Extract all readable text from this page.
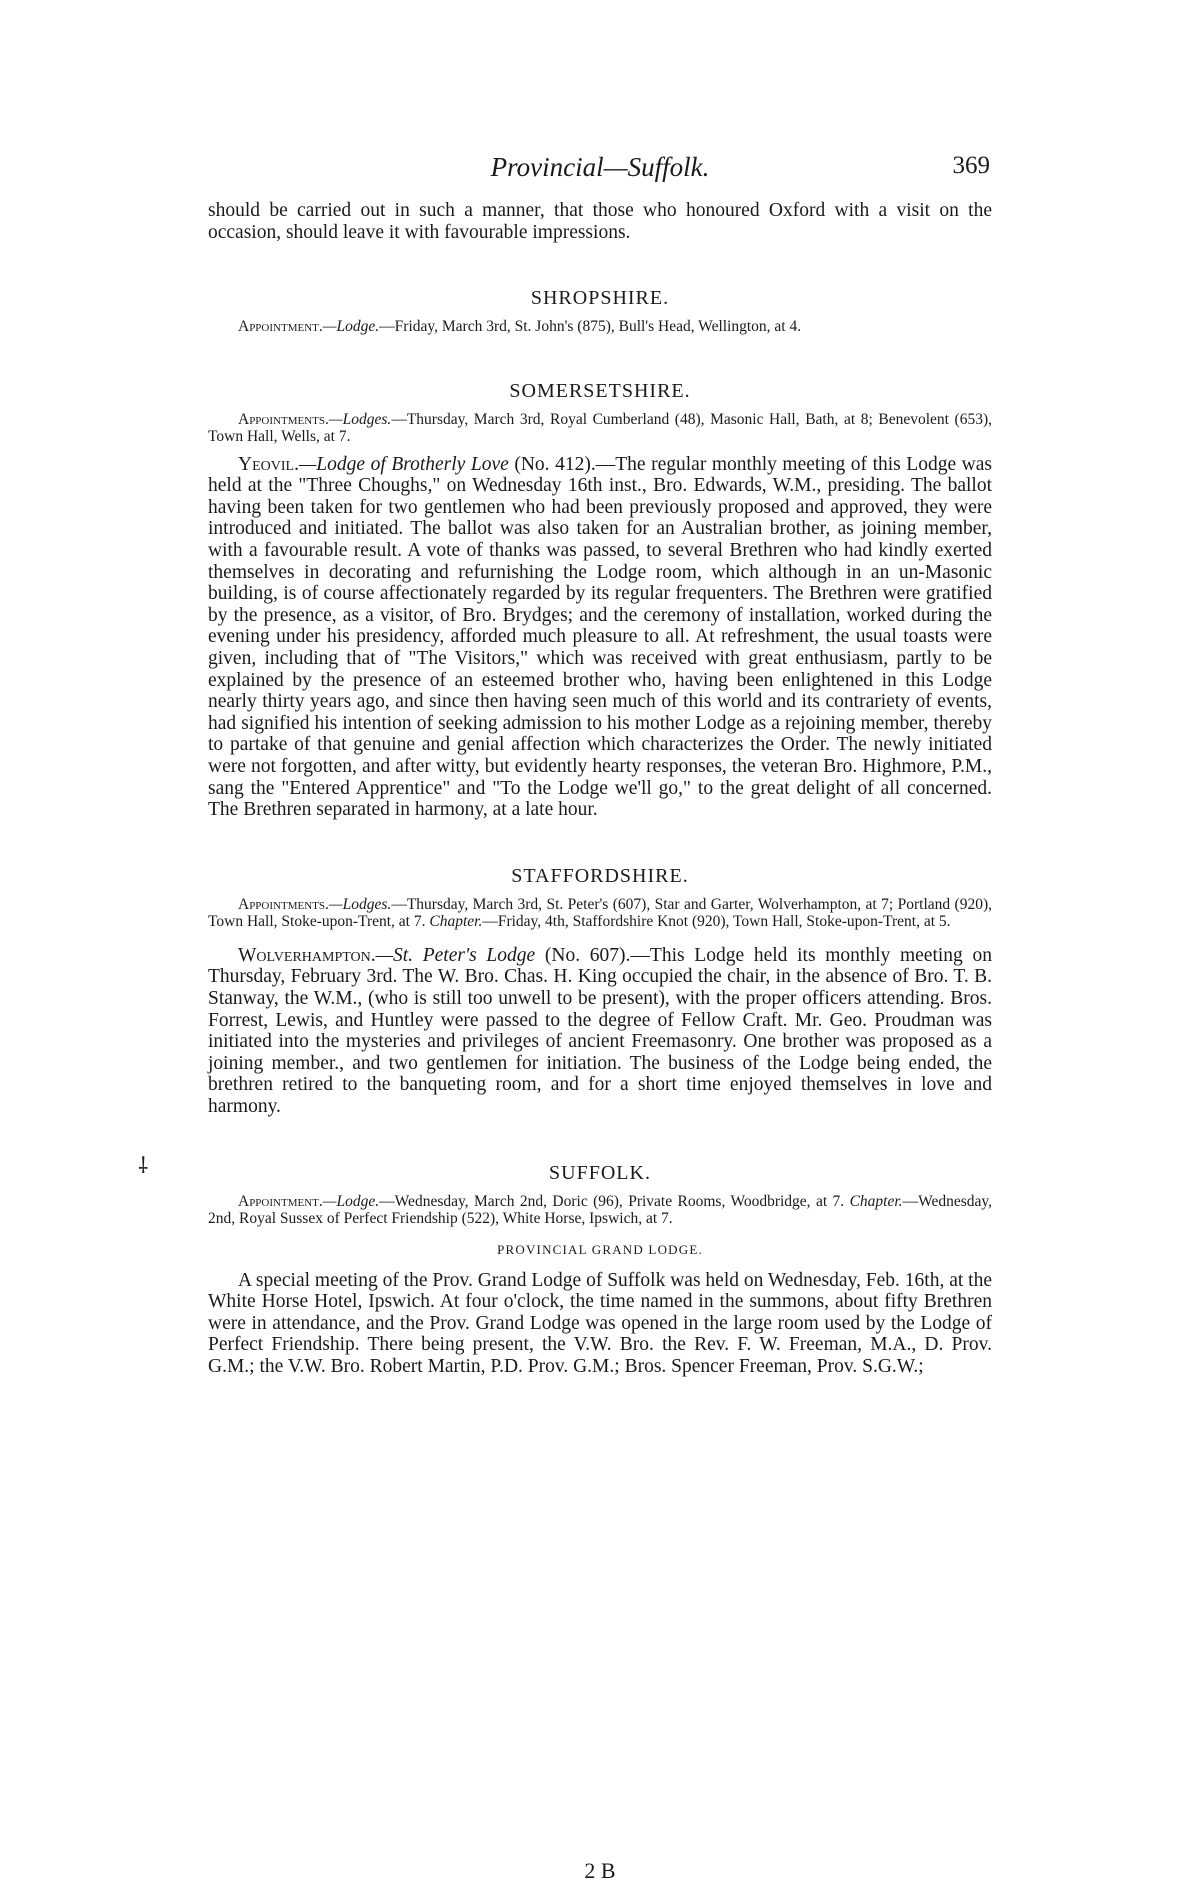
Provincial—Suffolk.	369
⸸

should be carried out in such a manner, that those who honoured Oxford with a visit on the occasion, should leave it with favourable impressions.

SHROPSHIRE.

Appointment.—Lodge.—Friday, March 3rd, St. John's (875), Bull's Head, Wellington, at 4.

SOMERSETSHIRE.

Appointments.—Lodges.—Thursday, March 3rd, Royal Cumberland (48), Masonic Hall, Bath, at 8; Benevolent (653), Town Hall, Wells, at 7.

Yeovil.—Lodge of Brotherly Love (No. 412).—The regular monthly meeting of this Lodge was held at the "Three Choughs," on Wednesday 16th inst., Bro. Edwards, W.M., presiding. The ballot having been taken for two gentlemen who had been previously proposed and approved, they were introduced and initiated. The ballot was also taken for an Australian brother, as joining member, with a favourable result. A vote of thanks was passed, to several Brethren who had kindly exerted themselves in decorating and refurnishing the Lodge room, which although in an un-Masonic building, is of course affectionately regarded by its regular frequenters. The Brethren were gratified by the presence, as a visitor, of Bro. Brydges; and the ceremony of installation, worked during the evening under his presidency, afforded much pleasure to all. At refreshment, the usual toasts were given, including that of "The Visitors," which was received with great enthusiasm, partly to be explained by the presence of an esteemed brother who, having been enlightened in this Lodge nearly thirty years ago, and since then having seen much of this world and its contrariety of events, had signified his intention of seeking admission to his mother Lodge as a rejoining member, thereby to partake of that genuine and genial affection which characterizes the Order. The newly initiated were not forgotten, and after witty, but evidently hearty responses, the veteran Bro. Highmore, P.M., sang the "Entered Apprentice" and "To the Lodge we'll go," to the great delight of all concerned. The Brethren separated in harmony, at a late hour.

STAFFORDSHIRE.

Appointments.—Lodges.—Thursday, March 3rd, St. Peter's (607), Star and Garter, Wolverhampton, at 7; Portland (920), Town Hall, Stoke-upon-Trent, at 7. Chapter.—Friday, 4th, Staffordshire Knot (920), Town Hall, Stoke-upon-Trent, at 5.

Wolverhampton.—St. Peter's Lodge (No. 607).—This Lodge held its monthly meeting on Thursday, February 3rd. The W. Bro. Chas. H. King occupied the chair, in the absence of Bro. T. B. Stanway, the W.M., (who is still too unwell to be present), with the proper officers attending. Bros. Forrest, Lewis, and Huntley were passed to the degree of Fellow Craft. Mr. Geo. Proudman was initiated into the mysteries and privileges of ancient Freemasonry. One brother was proposed as a joining member., and two gentlemen for initiation. The business of the Lodge being ended, the brethren retired to the banqueting room, and for a short time enjoyed themselves in love and harmony.

SUFFOLK.

Appointment.—Lodge.—Wednesday, March 2nd, Doric (96), Private Rooms, Woodbridge, at 7. Chapter.—Wednesday, 2nd, Royal Sussex of Perfect Friendship (522), White Horse, Ipswich, at 7.

PROVINCIAL GRAND LODGE.

A special meeting of the Prov. Grand Lodge of Suffolk was held on Wednesday, Feb. 16th, at the White Horse Hotel, Ipswich. At four o'clock, the time named in the summons, about fifty Brethren were in attendance, and the Prov. Grand Lodge was opened in the large room used by the Lodge of Perfect Friendship. There being present, the V.W. Bro. the Rev. F. W. Freeman, M.A., D. Prov. G.M.; the V.W. Bro. Robert Martin, P.D. Prov. G.M.; Bros. Spencer Freeman, Prov. S.G.W.;

2 B
